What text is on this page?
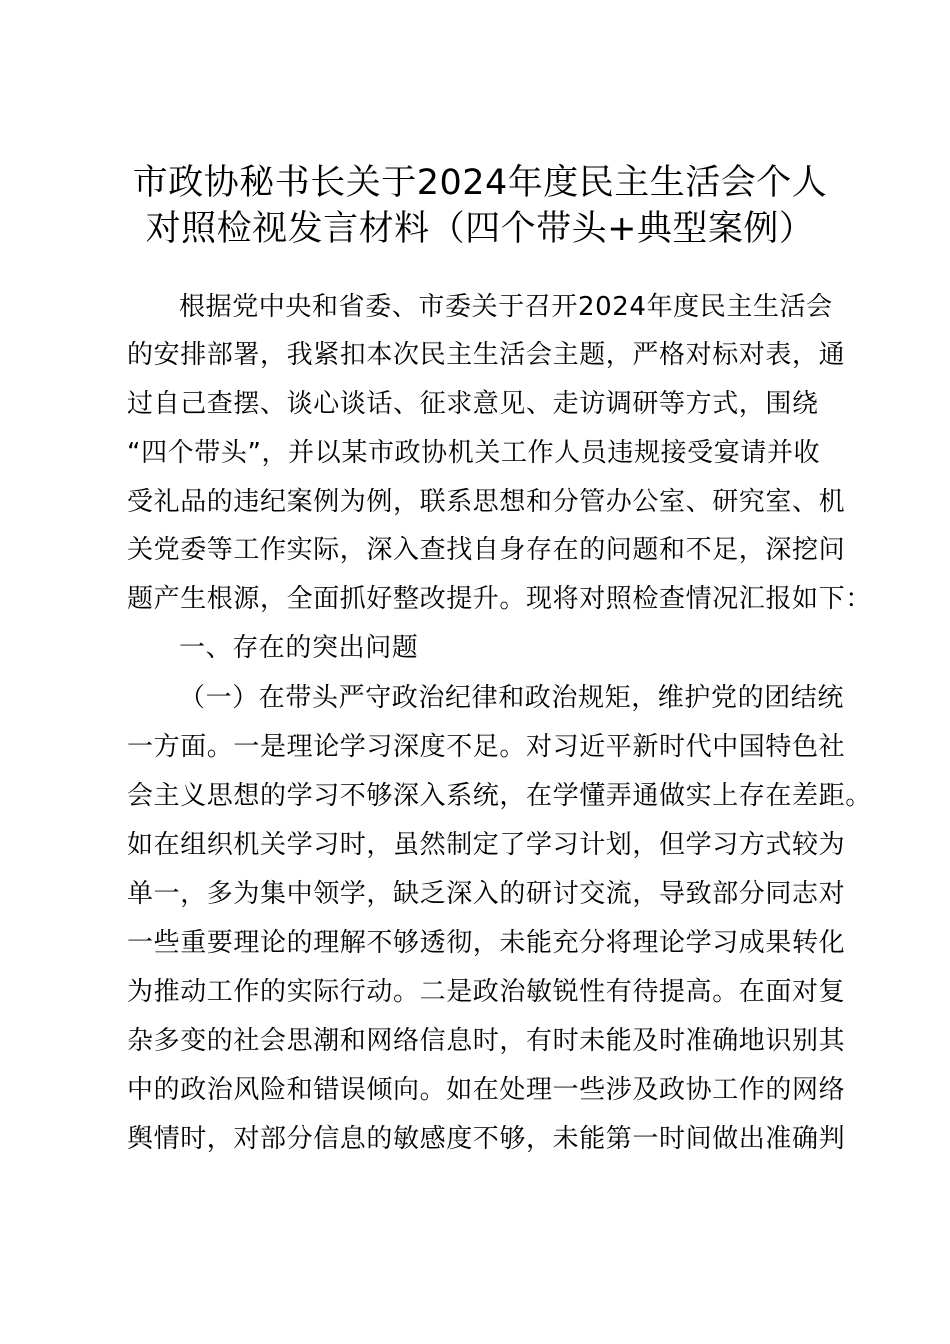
市政协秘书长关于2024年度民主生活会个人
对照检视发言材料（四个带头+典型案例）
根据党中央和省委、市委关于召开2024年度民主生活会
的安排部署，我紧扣本次民主生活会主题，严格对标对表，通
过自己查摆、谈心谈话、征求意见、走访调研等方式，围绕
“四个带头”，并以某市政协机关工作人员违规接受宴请并收
受礼品的违纪案例为例，联系思想和分管办公室、研究室、机
关党委等工作实际，深入查找自身存在的问题和不足，深挖问
题产生根源，全面抓好整改提升。现将对照检查情况汇报如下：
一、存在的突出问题
（一）在带头严守政治纪律和政治规矩，维护党的团结统
一方面。一是理论学习深度不足。对习近平新时代中国特色社
会主义思想的学习不够深入系统，在学懂弄通做实上存在差距。
如在组织机关学习时，虽然制定了学习计划，但学习方式较为
单一，多为集中领学，缺乏深入的研讨交流，导致部分同志对
一些重要理论的理解不够透彻，未能充分将理论学习成果转化
为推动工作的实际行动。二是政治敏锐性有待提高。在面对复
杂多变的社会思潮和网络信息时，有时未能及时准确地识别其
中的政治风险和错误倾向。如在处理一些涉及政协工作的网络
舆情时，对部分信息的敏感度不够，未能第一时间做出准确判
